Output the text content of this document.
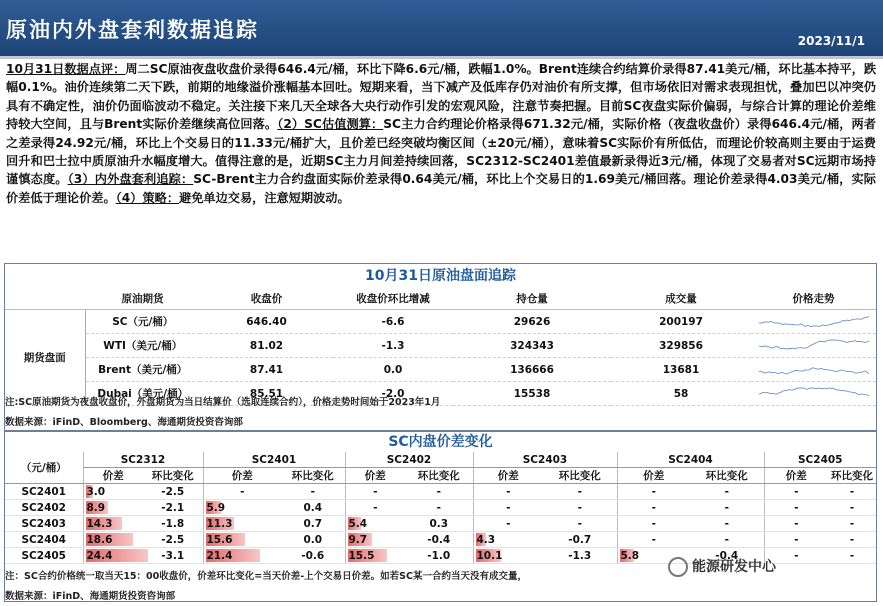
原油内外盘套利数据追踪	2023/11/1
10月31日数据点评：周二SC原油夜盘收盘价录得646.4元/桶，环比下降6.6元/桶，跌幅1.0%。Brent连续合约结算价录得87.41美元/桶，环比基本持平，跌幅0.1%。油价连续第二天下跌，前期的地缘溢价涨幅基本回吐。短期来看，当下减产及低库存仍对油价有所支撑，但市场依旧对需求表现担忧，叠加巴以冲突仍具有不确定性，油价仍面临波动不稳定。关注接下来几天全球各大央行动作引发的宏观风险，注意节奏把握。目前SC夜盘实际价偏弱，与综合计算的理论价差维持较大空间，且与Brent实际价差继续高位回落。（2）SC估值测算：SC主力合约理论价格录得671.32元/桶，实际价格（夜盘收盘价）录得646.4元/桶，两者之差录得24.92元/桶，环比上个交易日的11.33元/桶扩大，且价差已经突破均衡区间（±20元/桶），意味着SC实际价有所低估，而理论价较高则主要由于运费回升和巴士拉中质原油升水幅度增大。值得注意的是，近期SC主力月间差持续回落，SC2312-SC2401差值最新录得近3元/桶，体现了交易者对SC远期市场持谨慎态度。（3）内外盘套利追踪：SC-Brent主力合约盘面实际价差录得0.64美元/桶，环比上个交易日的1.69美元/桶回落。理论价差录得4.03美元/桶，实际价差低于理论价差。（4）策略：避免单边交易，注意短期波动。
10月31日原油盘面追踪
	原油期货	收盘价	收盘价环比增减	持仓量	成交量	价格走势
期货盘面	SC（元/桶）	646.40	-6.6	29626	200197	

	WTI（美元/桶）	81.02	-1.3	324343	329856	

	Brent（美元/桶）	87.41	0.0	136666	13681	

	Dubai（美元/桶）	85.51	-2.0	15538	58	
注:SC原油期货为夜盘收盘价，外盘期货为当日结算价（选取连续合约），价格走势时间始于2023年1月
数据来源：iFinD、Bloomberg、海通期货投资咨询部
SC内盘价差变化
（元/桶）	SC2312		SC2401		SC2402		SC2403		SC2404		SC2405	
	价差	环比变化	价差	环比变化	价差	环比变化	价差	环比变化	价差	环比变化	价差	环比变化
SC2401	3.0	-2.5	-	-	-	-	-	-	-	-	-	-
SC2402	8.9	-2.1	5.9	0.4	-	-	-	-	-	-	-	-
SC2403	14.3	-1.8	11.3	0.7	5.4	0.3	-	-	-	-	-	-
SC2404	18.6	-2.5	15.6	0.0	9.7	-0.4	4.3	-0.7	-	-	-	-
SC2405	24.4	-3.1	21.4	-0.6	15.5	-1.0	10.1	-1.3	5.8	-0.4	-	-
注：SC合约价格统一取当天15：00收盘价，价差环比变化=当天价差-上个交易日价差。如若SC某一合约当天没有成交量，
数据来源：iFinD、海通期货投资咨询部
能源研发中心
